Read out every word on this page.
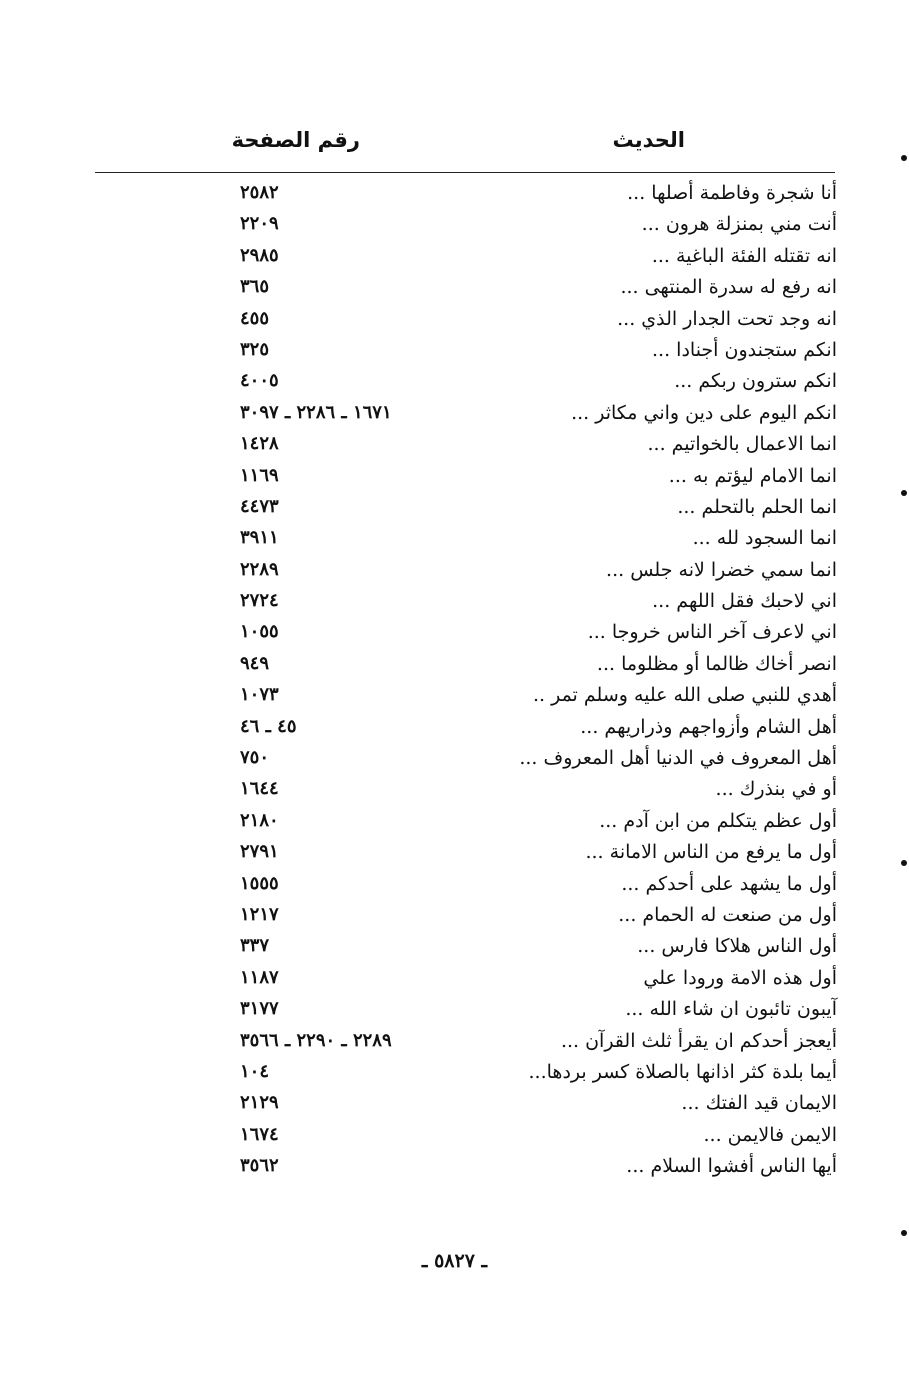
الحديث
رقم الصفحة
أنا شجرة وفاطمة أصلها ...
٢٥٨٢
أنت مني بمنزلة هرون ...
٢٢٠٩
انه تقتله الفئة الباغية ...
٢٩٨٥
انه رفع له سدرة المنتهى ...
٣٦٥
انه وجد تحت الجدار الذي ...
٤٥٥
انكم ستجندون أجنادا ...
٣٢٥
انكم سترون ربكم ...
٤٠٠٥
انكم اليوم على دين واني مكاثر ...
١٦٧١ ـ ٢٢٨٦ ـ ٣٠٩٧
انما الاعمال بالخواتيم ...
١٤٢٨
انما الامام ليؤتم به ...
١١٦٩
انما الحلم بالتحلم ...
٤٤٧٣
انما السجود لله ...
٣٩١١
انما سمي خضرا لانه جلس ...
٢٢٨٩
اني لاحبك فقل اللهم ...
٢٧٢٤
اني لاعرف آخر الناس خروجا ...
١٠٥٥
انصر أخاك ظالما أو مظلوما ...
٩٤٩
أهدي للنبي صلى الله عليه وسلم تمر ..
١٠٧٣
أهل الشام وأزواجهم وذراريهم ...
٤٥ ـ ٤٦
أهل المعروف في الدنيا أهل المعروف ...
٧٥٠
أو في بنذرك ...
١٦٤٤
أول عظم يتكلم من ابن آدم ...
٢١٨٠
أول ما يرفع من الناس الامانة ...
٢٧٩١
أول ما يشهد على أحدكم ...
١٥٥٥
أول من صنعت له الحمام ...
١٢١٧
أول الناس هلاكا فارس ...
٣٣٧
أول هذه الامة ورودا علي
١١٨٧
آيبون تائبون ان شاء الله ...
٣١٧٧
أيعجز أحدكم ان يقرأ ثلث القرآن ...
٢٢٨٩ ـ ٢٢٩٠ ـ ٣٥٦٦
أيما بلدة كثر اذانها بالصلاة كسر بردها...
١٠٤
الايمان قيد الفتك ...
٢١٢٩
الايمن فالايمن ...
١٦٧٤
أيها الناس أفشوا السلام ...
٣٥٦٢
ـ ٥٨٢٧ ـ
